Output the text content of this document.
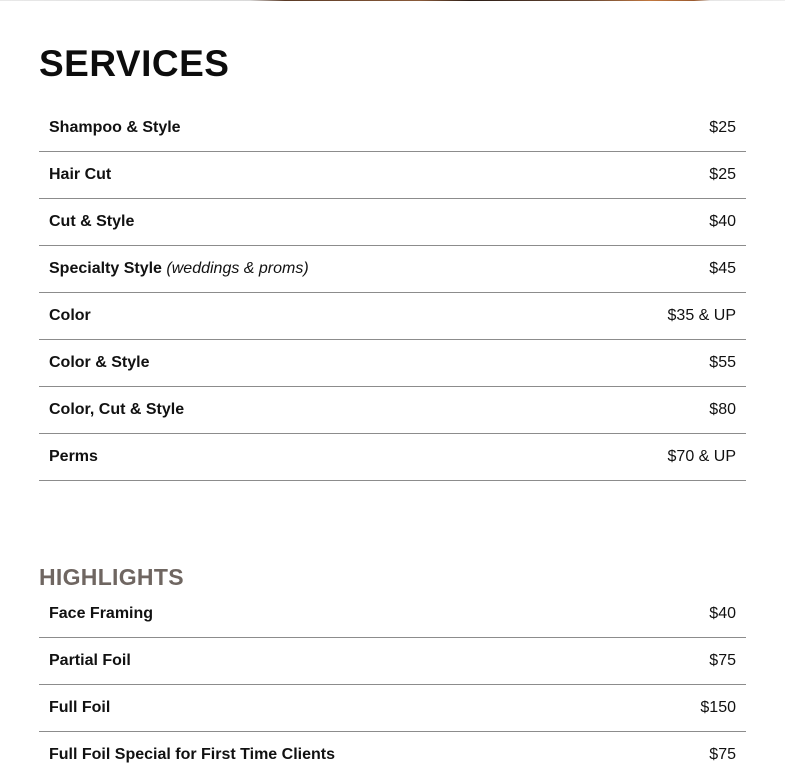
SERVICES
Shampoo & Style	$25
Hair Cut	$25
Cut & Style	$40
Specialty Style (weddings & proms)	$45
Color	$35 & UP
Color & Style	$55
Color, Cut & Style	$80
Perms	$70 & UP
HIGHLIGHTS
Face Framing	$40
Partial Foil	$75
Full Foil	$150
Full Foil Special for First Time Clients	$75
